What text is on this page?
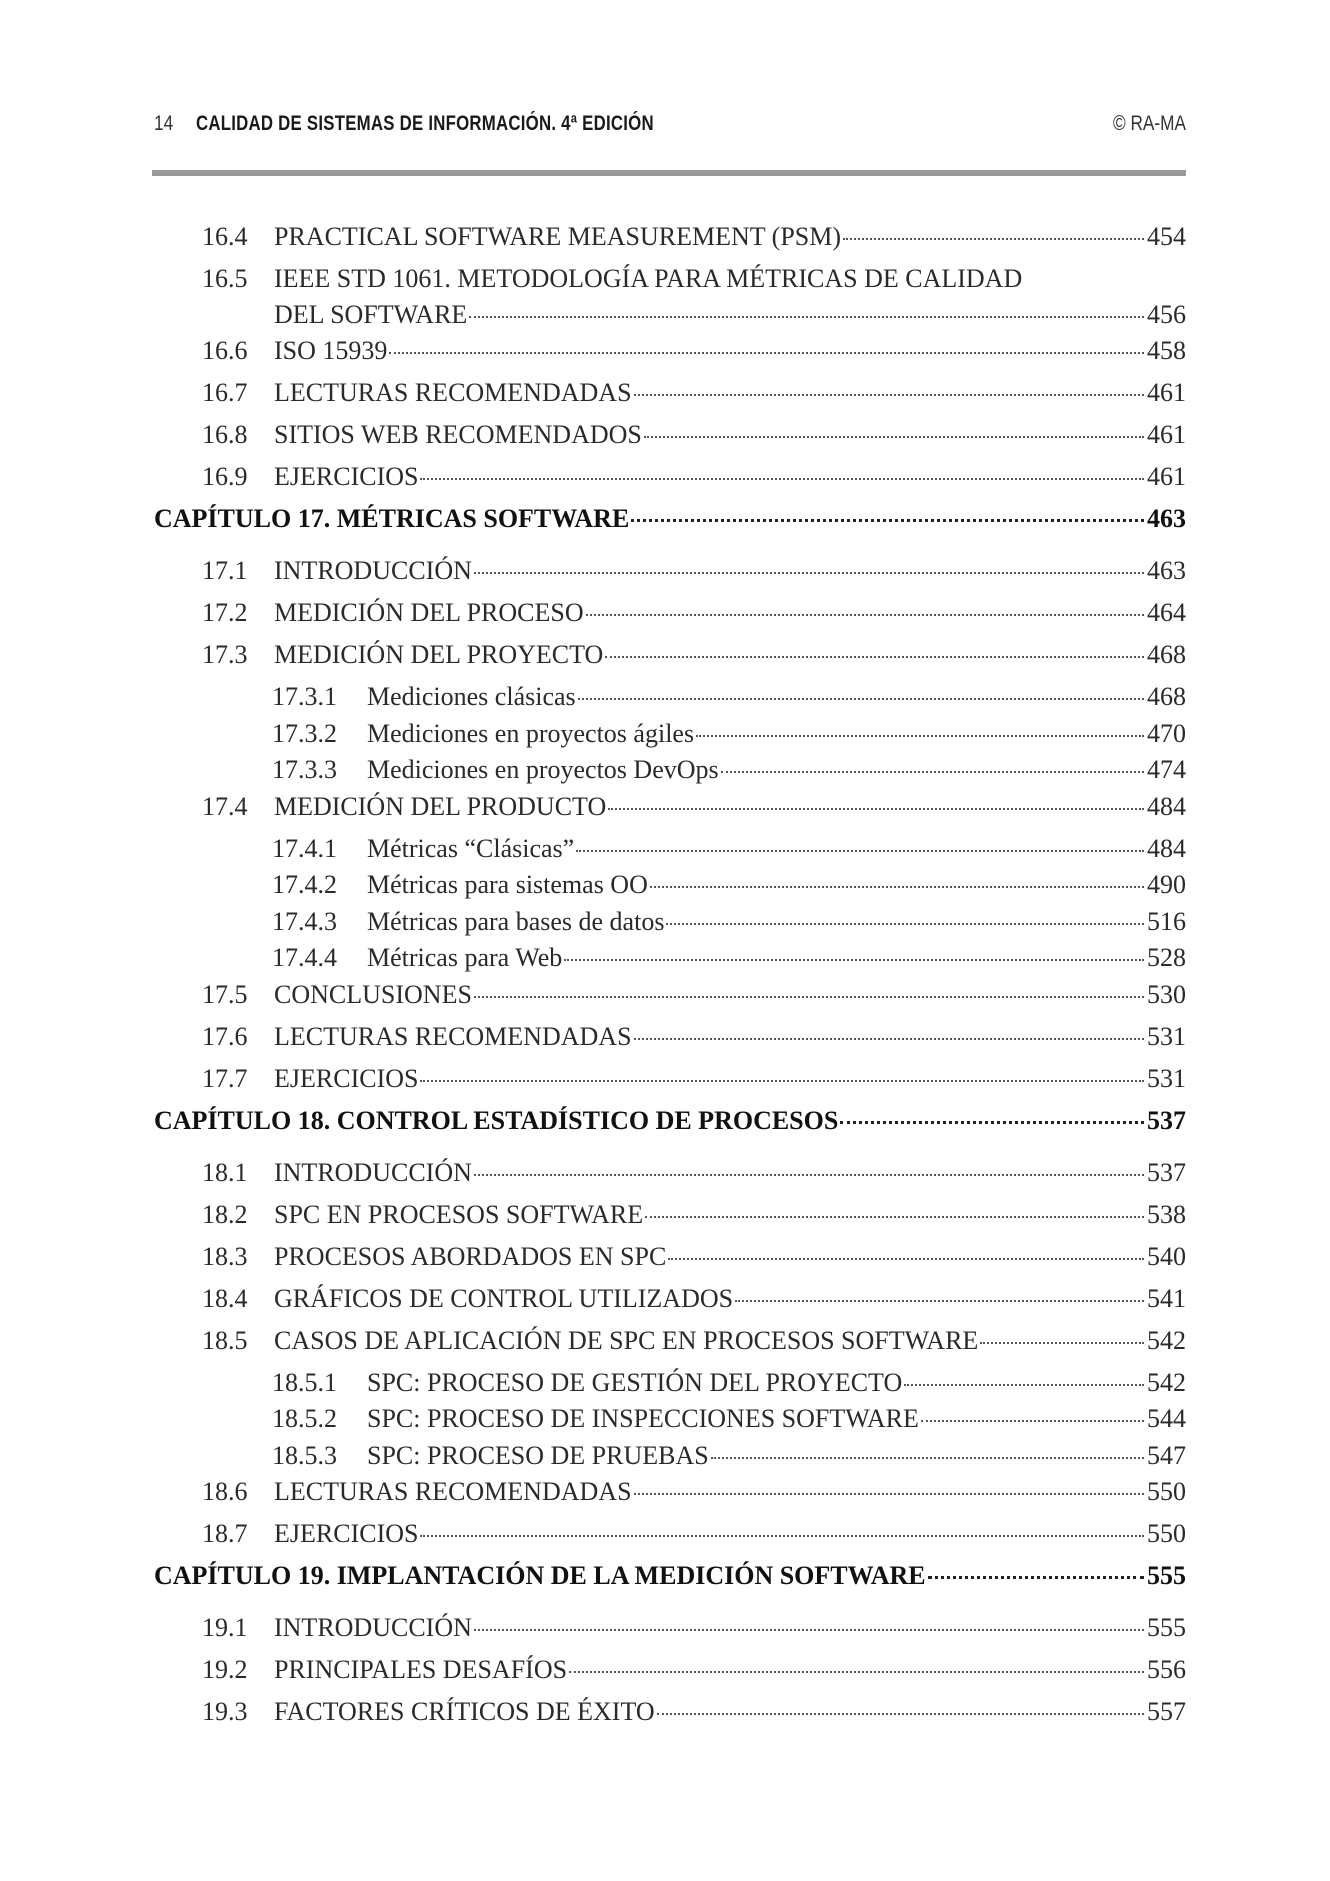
14 CALIDAD DE SISTEMAS DE INFORMACIÓN. 4ª EDICIÓN	© RA-MA
16.4	PRACTICAL SOFTWARE MEASUREMENT (PSM)	454
16.5	IEEE STD 1061. METODOLOGÍA PARA MÉTRICAS DE CALIDAD
DEL SOFTWARE	456
16.6	ISO 15939	458
16.7	LECTURAS RECOMENDADAS	461
16.8	SITIOS WEB RECOMENDADOS	461
16.9	EJERCICIOS	461
CAPÍTULO 17. MÉTRICAS SOFTWARE	463
17.1	INTRODUCCIÓN	463
17.2	MEDICIÓN DEL PROCESO	464
17.3	MEDICIÓN DEL PROYECTO	468
17.3.1	Mediciones clásicas	468
17.3.2	Mediciones en proyectos ágiles	470
17.3.3	Mediciones en proyectos DevOps	474
17.4	MEDICIÓN DEL PRODUCTO	484
17.4.1	Métricas “Clásicas”	484
17.4.2	Métricas para sistemas OO	490
17.4.3	Métricas para bases de datos	516
17.4.4	Métricas para Web	528
17.5	CONCLUSIONES	530
17.6	LECTURAS RECOMENDADAS	531
17.7	EJERCICIOS	531
CAPÍTULO 18. CONTROL ESTADÍSTICO DE PROCESOS	537
18.1	INTRODUCCIÓN	537
18.2	SPC EN PROCESOS SOFTWARE	538
18.3	PROCESOS ABORDADOS EN SPC	540
18.4	GRÁFICOS DE CONTROL UTILIZADOS	541
18.5	CASOS DE APLICACIÓN DE SPC EN PROCESOS SOFTWARE	542
18.5.1	SPC: PROCESO DE GESTIÓN DEL PROYECTO	542
18.5.2	SPC: PROCESO DE INSPECCIONES SOFTWARE	544
18.5.3	SPC: PROCESO DE PRUEBAS	547
18.6	LECTURAS RECOMENDADAS	550
18.7	EJERCICIOS	550
CAPÍTULO 19. IMPLANTACIÓN DE LA MEDICIÓN SOFTWARE	555
19.1	INTRODUCCIÓN	555
19.2	PRINCIPALES DESAFÍOS	556
19.3	FACTORES CRÍTICOS DE ÉXITO	557
